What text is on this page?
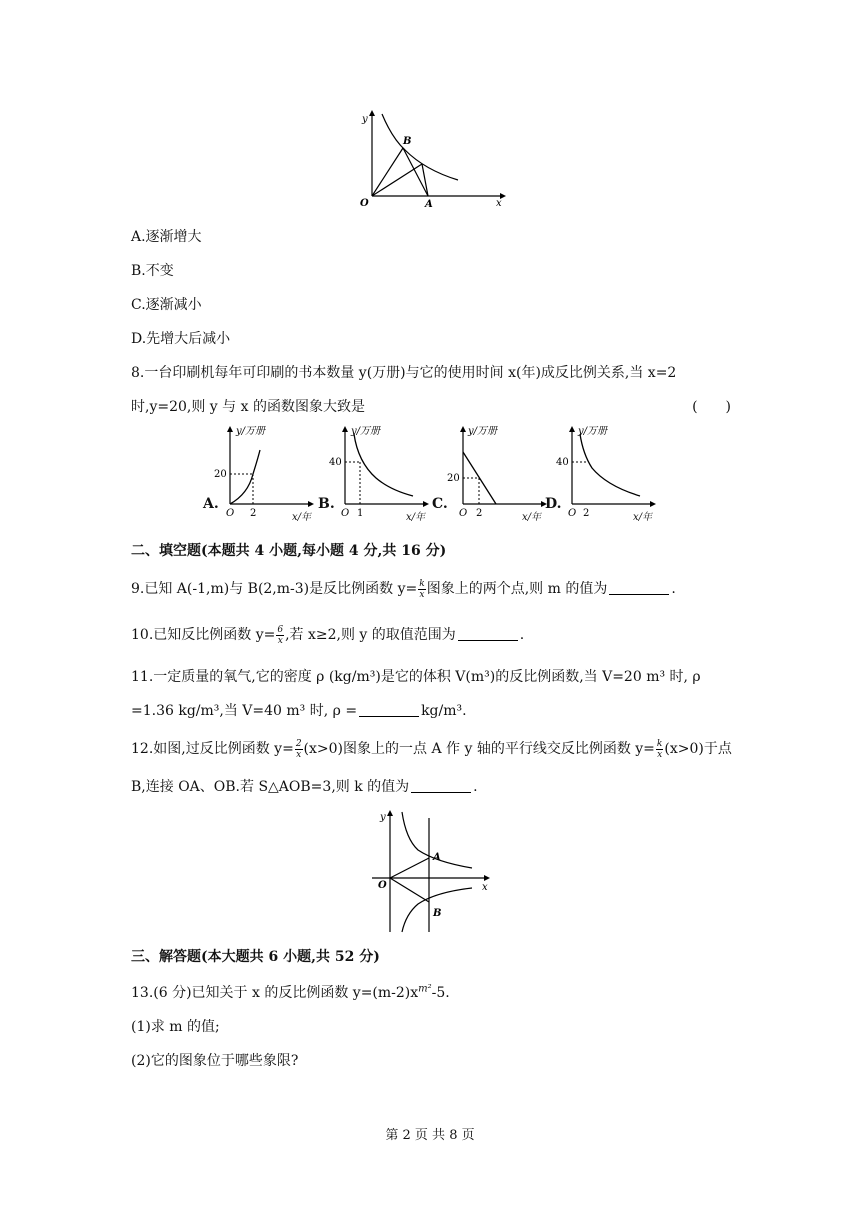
y
x
O	A
B
A.逐渐增大
B.不变
C.逐渐减小
D.先增大后减小
8.一台印刷机每年可印刷的书本数量 y(万册)与它的使用时间 x(年)成反比例关系,当 x=2
时,y=20,则 y 与 x 的函数图象大致是	(　　)
A.
y/万册
20
O 2	x/年
B.
y/万册
40
O 1	x/年
C.
y/万册
20
O 2	x/年
D.
y/万册
40
O 2	x/年
二、填空题(本题共 4 小题,每小题 4 分,共 16 分)
9.已知 A(-1,m)与 B(2,m-3)是反比例函数 $y= \frac{k}{x}$ 图象上的两个点,则 m 的值为	.
10.已知反比例函数 $y= \frac{6}{x}$ ,若 x≥2,则 y 的取值范围为	.
11.一定质量的氧气,它的密度 ρ (kg/m³)是它的体积 V(m³)的反比例函数,当 V=20 m³ 时, ρ
=1.36 kg/m³,当 V=40 m³ 时, ρ =	kg/m³.
12.如图,过反比例函数 $y= \frac{2}{x} (x>0)$图象上的一点 A 作 y 轴的平行线交反比例函数 $y= \frac{k}{x} (x>0)$于点
B,连接 OA、OB.若 S△AOB=3,则 k 的值为	.
y
x
O
A
B
三、解答题(本大题共 6 小题,共 52 分)
13.(6 分)已知关于 x 的反比例函数 $y=(m-2)x^{m^2}-5$.
(1)求 m 的值;
(2)它的图象位于哪些象限?
第 2 页 共 8 页
